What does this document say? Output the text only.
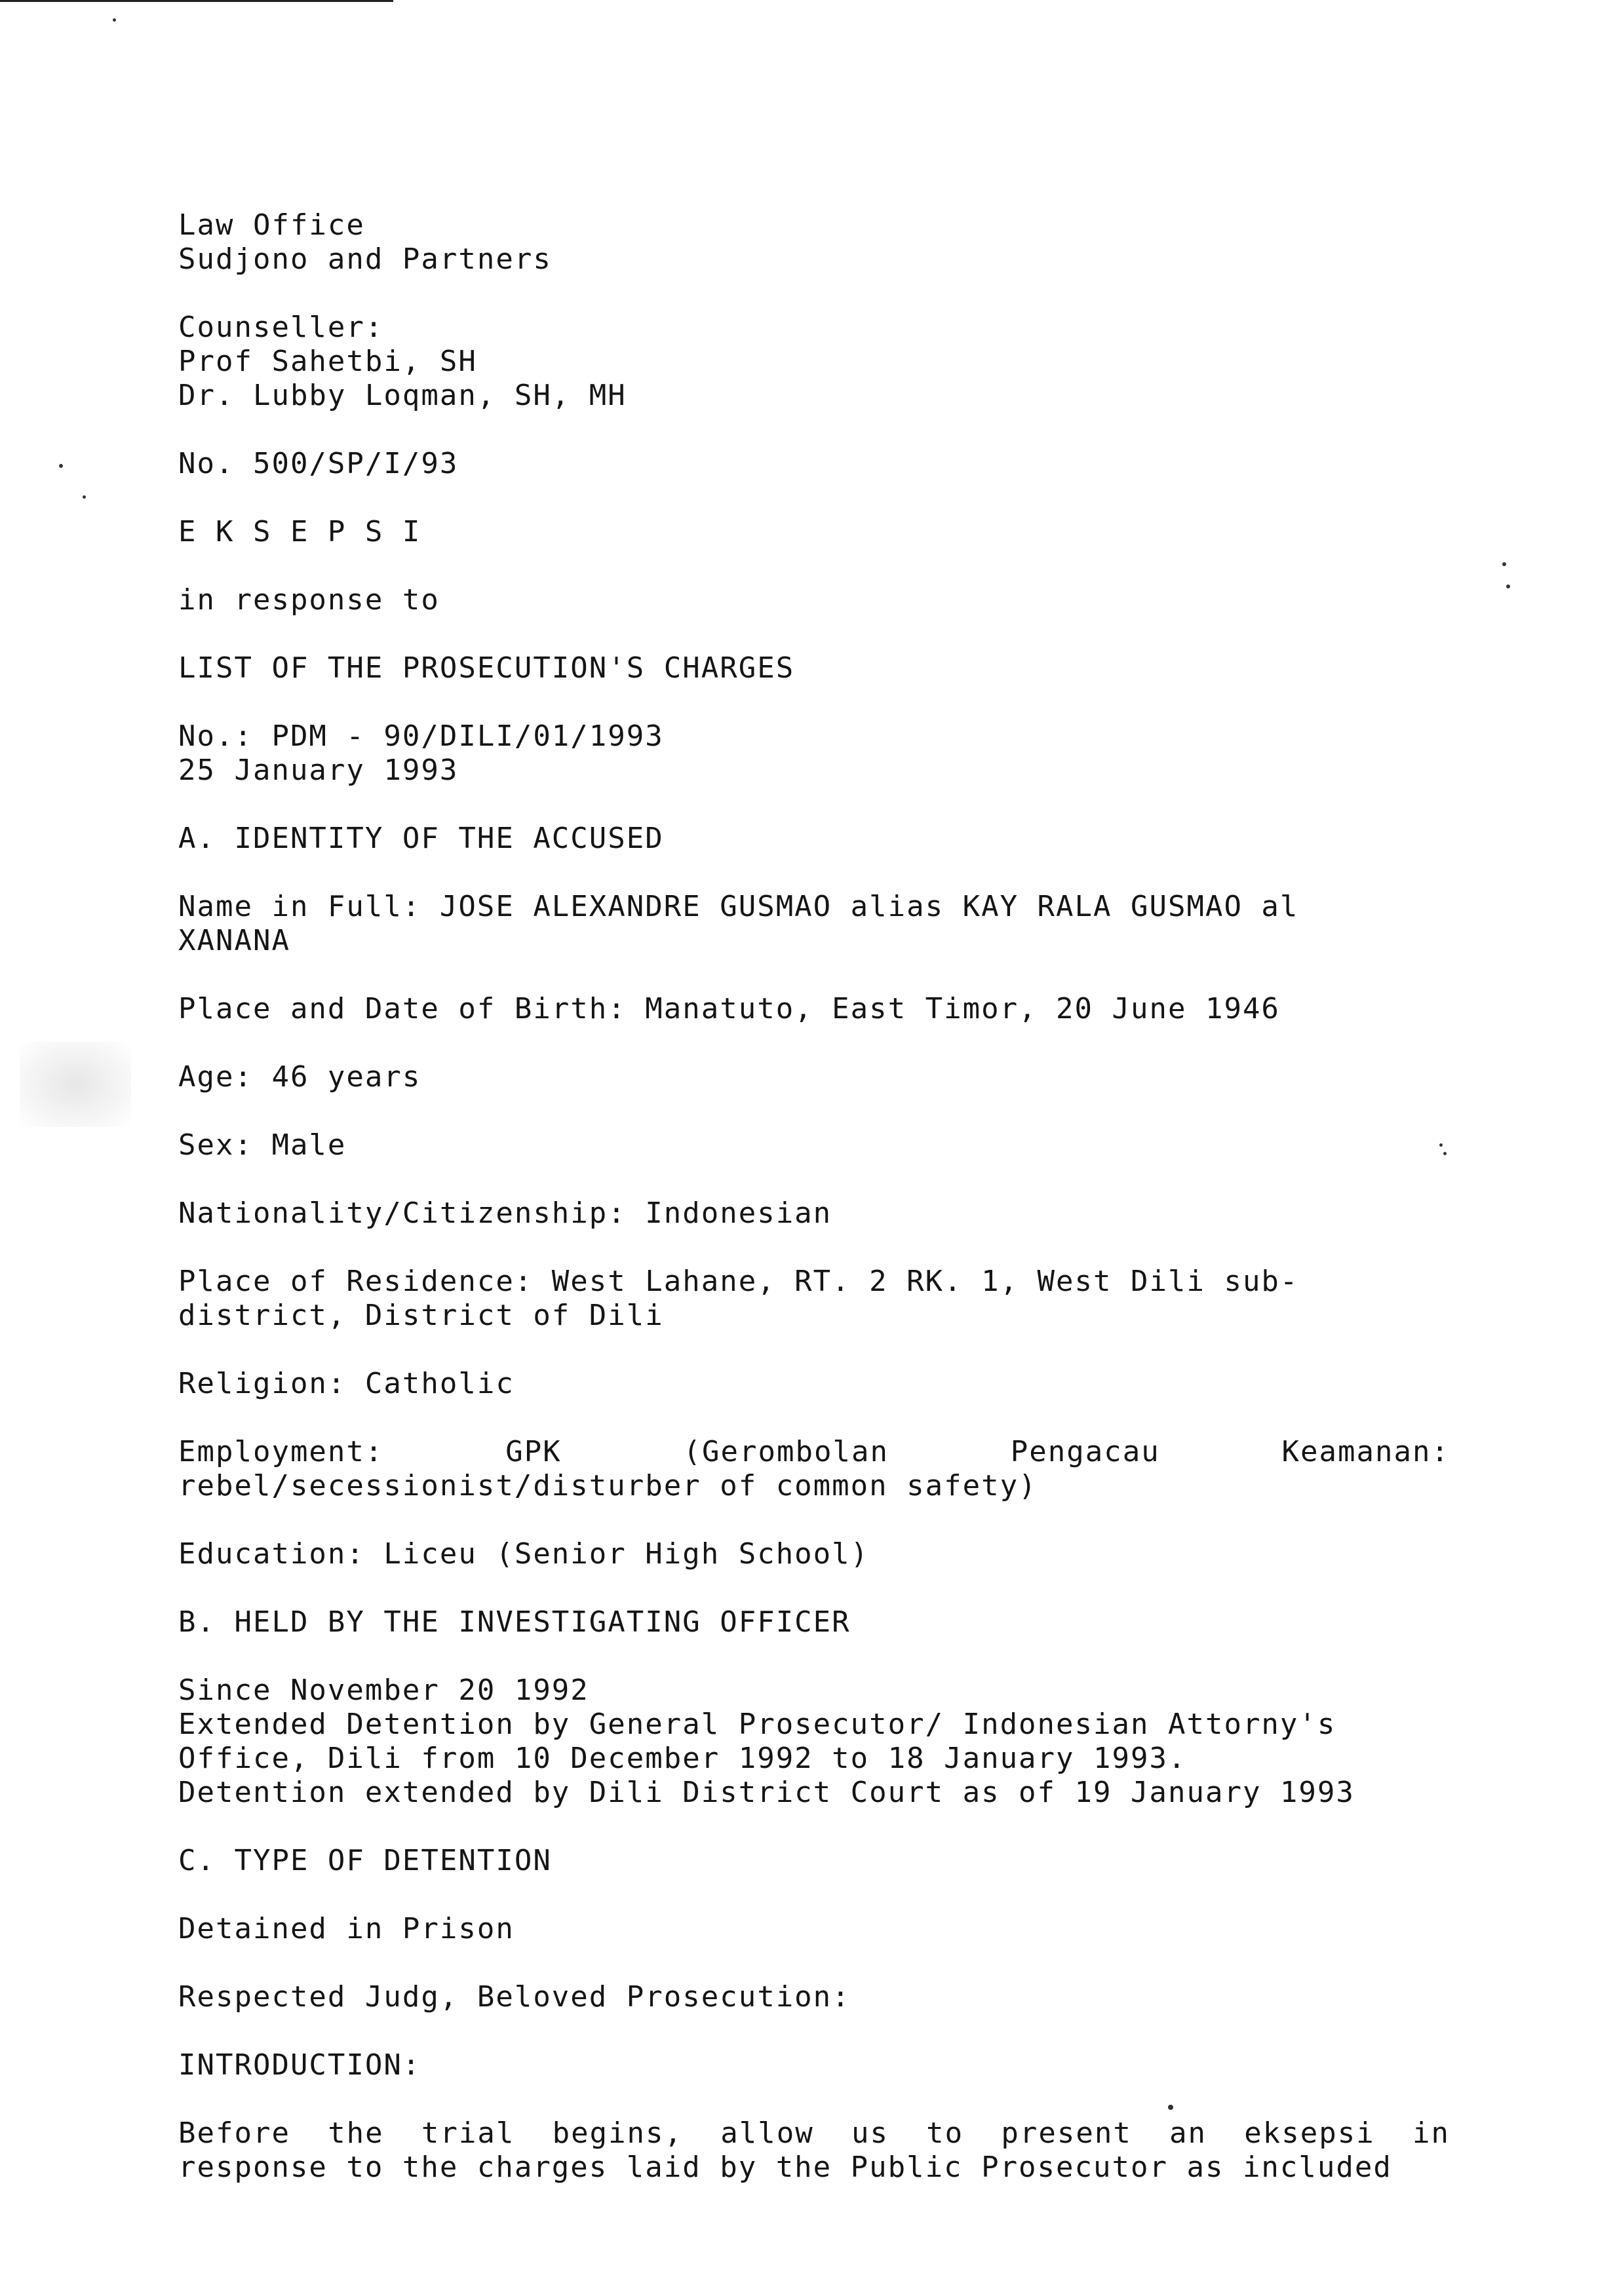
Law Office
Sudjono and Partners
Counseller:
Prof Sahetbi, SH
Dr. Lubby Loqman, SH, MH
No. 500/SP/I/93
E K S E P S I
in response to
LIST OF THE PROSECUTION'S CHARGES
No.: PDM - 90/DILI/01/1993
25 January 1993
A. IDENTITY OF THE ACCUSED
Name in Full: JOSE ALEXANDRE GUSMAO alias KAY RALA GUSMAO al
XANANA
Place and Date of Birth: Manatuto, East Timor, 20 June 1946
Age: 46 years
Sex: Male
Nationality/Citizenship: Indonesian
Place of Residence: West Lahane, RT. 2 RK. 1, West Dili sub-
district, District of Dili
Religion: Catholic
Employment:	GPK	(Gerombolan	Pengacau	Keamanan:
rebel/secessionist/disturber of common safety)
Education: Liceu (Senior High School)
B. HELD BY THE INVESTIGATING OFFICER
Since November 20 1992
Extended Detention by General Prosecutor/ Indonesian Attorny's
Office, Dili from 10 December 1992 to 18 January 1993.
Detention extended by Dili District Court as of 19 January 1993
C. TYPE OF DETENTION
Detained in Prison
Respected Judg, Beloved Prosecution:
INTRODUCTION:
Before the trial begins, allow us to present an eksepsi in
response to the charges laid by the Public Prosecutor as included
